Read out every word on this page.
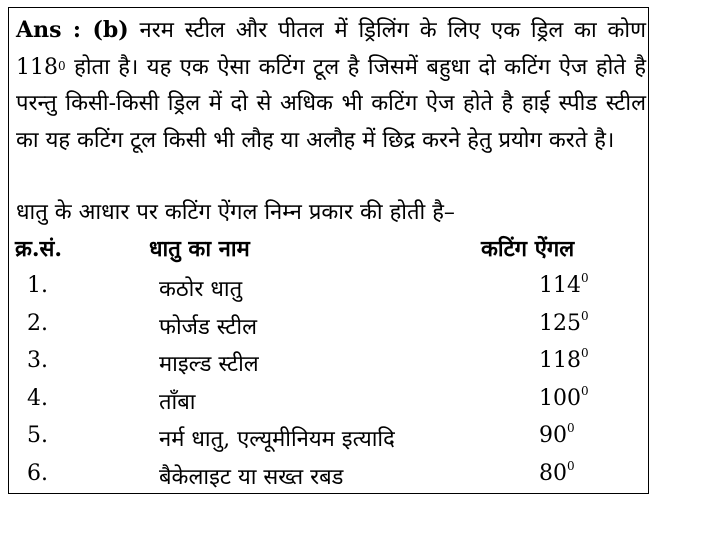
Ans : (b) नरम स्टील और पीतल में ड्रिलिंग के लिए एक ड्रिल का कोण $118^0$ होता है। यह एक ऐसा कटिंग टूल है जिसमें बहुधा दो कटिंग ऐज होते है परन्तु किसी-किसी ड्रिल में दो से अधिक भी कटिंग ऐज होते है हाई स्पीड स्टील का यह कटिंग टूल किसी भी लौह या अलौह में छिद्र करने हेतु प्रयोग करते है।
धातु के आधार पर कटिंग ऐंगल निम्न प्रकार की होती है–
क्र.सं.	धातु का नाम	कटिंग ऐंगल
1.	कठोर धातु	$114^0$
2.	फोर्जड स्टील	$125^0$
3.	माइल्ड स्टील	$118^0$
4.	ताँबा	$100^0$
5.	नर्म धातु, एल्यूमीनियम इत्यादि	$90^0$
6.	बैकेलाइट या सख्त रबड	$80^0$
